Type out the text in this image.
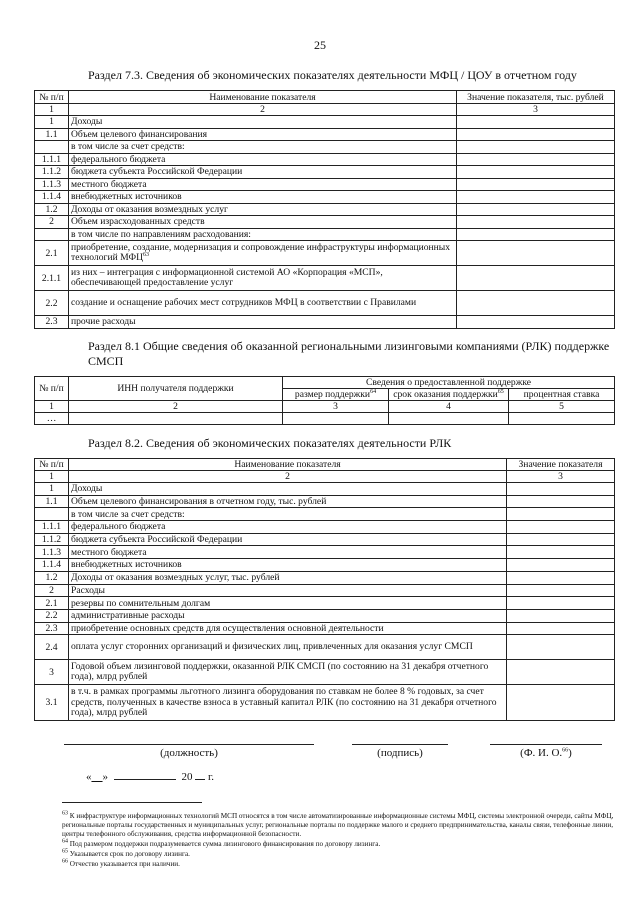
25
Раздел 7.3. Сведения об экономических показателях деятельности МФЦ / ЦОУ в отчетном году
№ п/п	Наименование показателя	Значение показателя, тыс. рублей
1	2	3
1	Доходы	
1.1	Объем целевого финансирования	
	в том числе за счет средств:	
1.1.1	федерального бюджета	
1.1.2	бюджета субъекта Российской Федерации	
1.1.3	местного бюджета	
1.1.4	внебюджетных источников	
1.2	Доходы от оказания возмездных услуг	
2	Объем израсходованных средств	
	в том числе по направлениям расходования:	
2.1	приобретение, создание, модернизация и сопровождение инфраструктуры информационных технологий МФЦ$^{63}$	
2.1.1	из них – интеграция с информационной системой АО «Корпорация «МСП», обеспечивающей предоставление услуг	
2.2	создание и оснащение рабочих мест сотрудников МФЦ в соответствии с Правилами	
2.3	прочие расходы	
Раздел 8.1 Общие сведения об оказанной региональными лизинговыми компаниями (РЛК) поддержке СМСП
№ п/п	ИНН получателя поддержки	Сведения о предоставленной поддержке		
		размер поддержки$^{64}$	срок оказания поддержки$^{65}$	процентная ставка
1	2	3	4	5
…				
Раздел 8.2. Сведения об экономических показателях деятельности РЛК
№ п/п	Наименование показателя	Значение показателя
1	2	3
1	Доходы	
1.1	Объем целевого финансирования в отчетном году, тыс. рублей	
	в том числе за счет средств:	
1.1.1	федерального бюджета	
1.1.2	бюджета субъекта Российской Федерации	
1.1.3	местного бюджета	
1.1.4	внебюджетных источников	
1.2	Доходы от оказания возмездных услуг, тыс. рублей	
2	Расходы	
2.1	резервы по сомнительным долгам	
2.2	административные расходы	
2.3	приобретение основных средств для осуществления основной деятельности	
2.4	оплата услуг сторонних организаций и физических лиц, привлеченных для оказания услуг СМСП	
3	Годовой объем лизинговой поддержки, оказанной РЛК СМСП (по состоянию на 31 декабря отчетного года), млрд рублей	
3.1	в т.ч. в рамках программы льготного лизинга оборудования по ставкам не более 8 % годовых, за счет средств, полученных в качестве взноса в уставный капитал РЛК (по состоянию на 31 декабря отчетного года), млрд рублей	
(должность)	(подпись)	(Ф. И. О.$^{66}$)
«__»	20 г.
$^{63}$ К инфраструктуре информационных технологий МСП относятся в том числе автоматизированные информационные системы МФЦ, системы электронной очереди, сайты МФЦ, региональные порталы государственных и муниципальных услуг, региональные порталы по поддержке малого и среднего предпринимательства, каналы связи, телефонные линии, центры телефонного обслуживания, средства информационной безопасности.
$^{64}$ Под размером поддержки подразумевается сумма лизингового финансирования по договору лизинга.
$^{65}$ Указывается срок по договору лизинга.
$^{66}$ Отчество указывается при наличии.
